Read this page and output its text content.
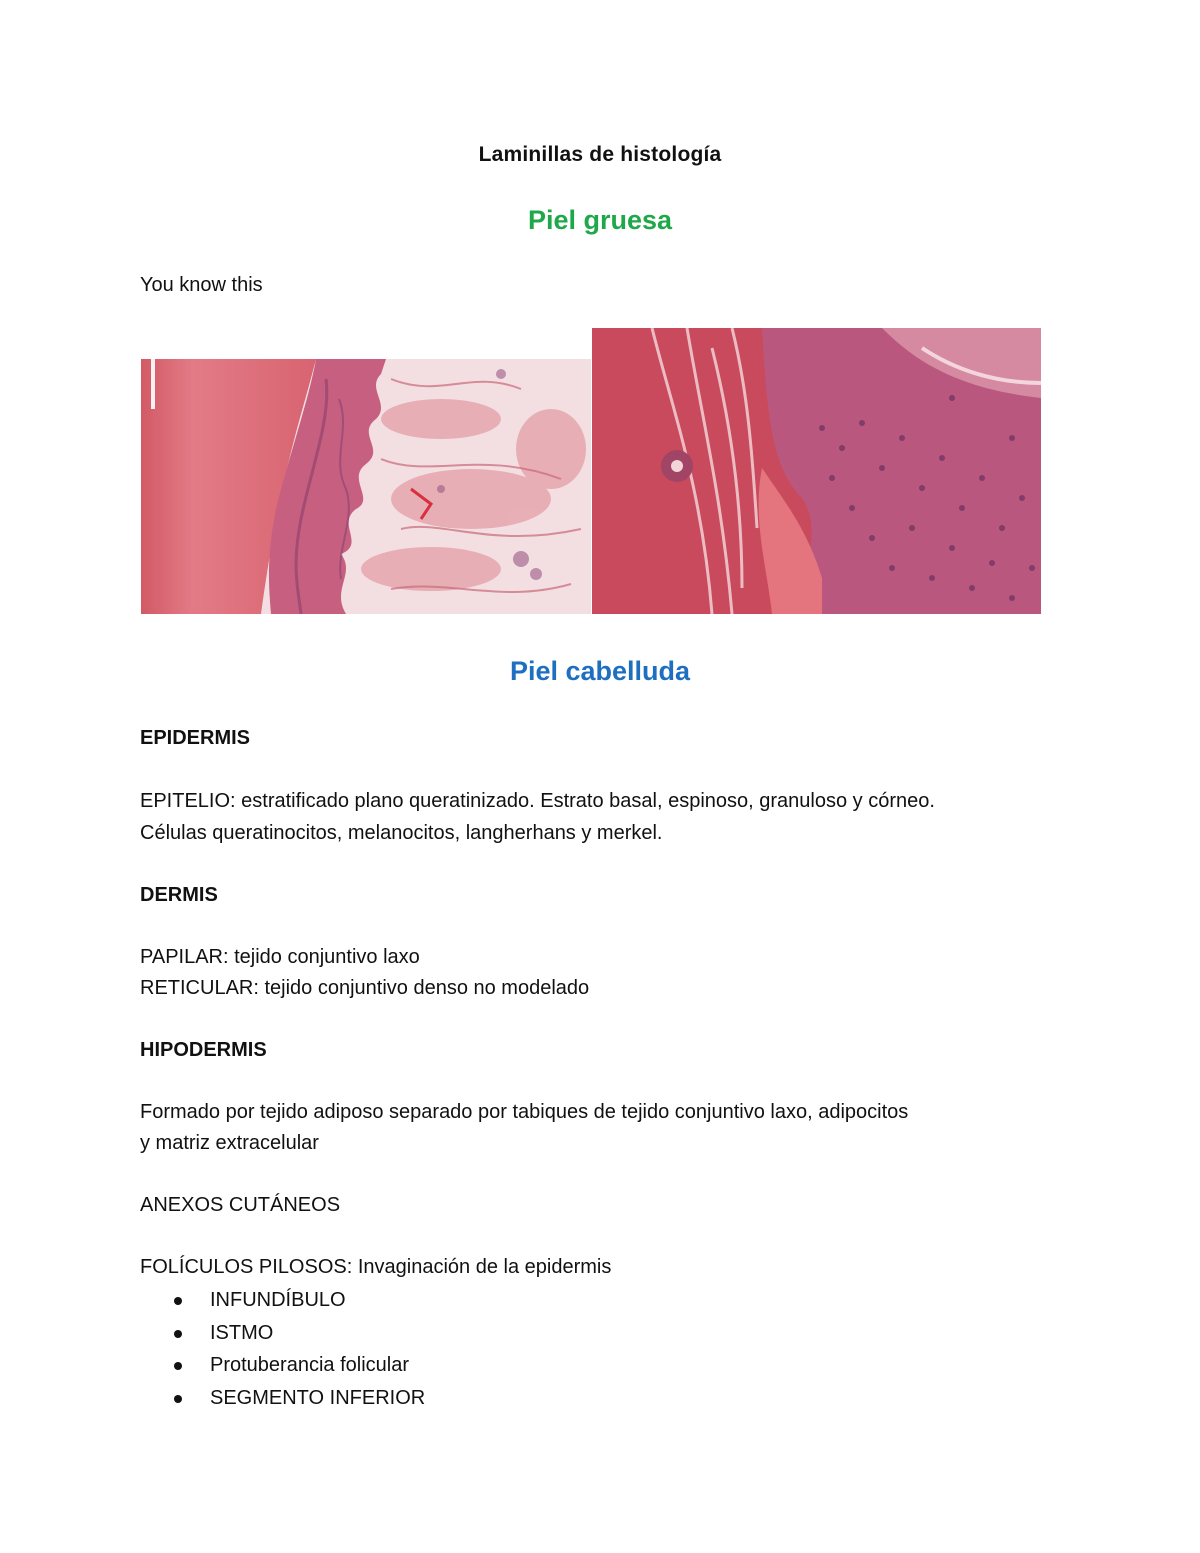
Laminillas de histología
Piel gruesa
You know this
Piel cabelluda
EPIDERMIS
EPITELIO: estratificado plano queratinizado. Estrato basal, espinoso, granuloso y córneo.
Células queratinocitos, melanocitos, langherhans y merkel.
DERMIS
PAPILAR: tejido conjuntivo laxo
RETICULAR: tejido conjuntivo denso no modelado
HIPODERMIS
Formado por tejido adiposo separado por tabiques de tejido conjuntivo laxo, adipocitos
y matriz extracelular
ANEXOS CUTÁNEOS
FOLÍCULOS PILOSOS: Invaginación de la epidermis
INFUNDÍBULO
ISTMO
Protuberancia folicular
SEGMENTO INFERIOR
